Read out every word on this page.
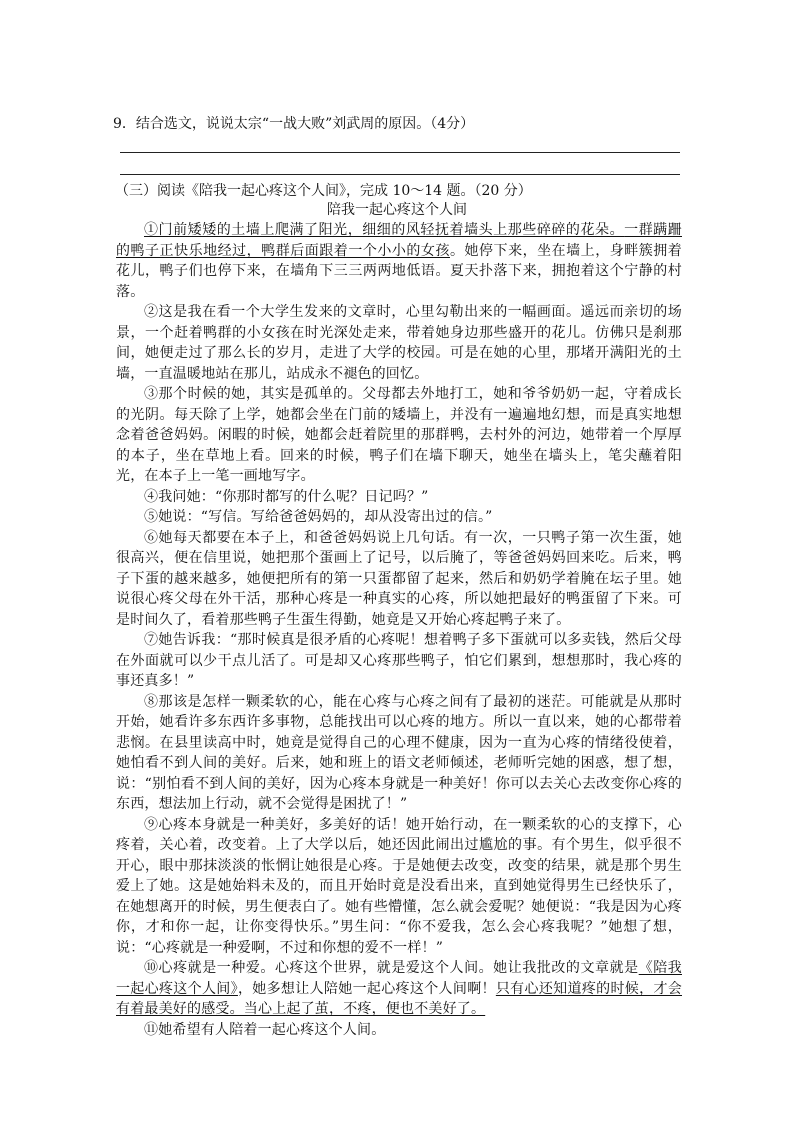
9．结合选文，说说太宗“一战大败”刘武周的原因。（4分）
（三）阅读《陪我一起心疼这个人间》，完成 10～14 题。（20 分）
陪我一起心疼这个人间

①门前矮矮的土墙上爬满了阳光，细细的风轻抚着墙头上那些碎碎的花朵。一群蹒跚的鸭子正快乐地经过，鸭群后面跟着一个小小的女孩。她停下来，坐在墙上，身畔簇拥着花儿，鸭子们也停下来，在墙角下三三两两地低语。夏天扑落下来，拥抱着这个宁静的村落。

②这是我在看一个大学生发来的文章时，心里勾勒出来的一幅画面。遥远而亲切的场景，一个赶着鸭群的小女孩在时光深处走来，带着她身边那些盛开的花儿。仿佛只是刹那间，她便走过了那么长的岁月，走进了大学的校园。可是在她的心里，那堵开满阳光的土墙，一直温暖地站在那儿，站成永不褪色的回忆。

③那个时候的她，其实是孤单的。父母都去外地打工，她和爷爷奶奶一起，守着成长的光阴。每天除了上学，她都会坐在门前的矮墙上，并没有一遍遍地幻想，而是真实地想念着爸爸妈妈。闲暇的时候，她都会赶着院里的那群鸭，去村外的河边，她带着一个厚厚的本子，坐在草地上看。回来的时候，鸭子们在墙下聊天，她坐在墙头上，笔尖蘸着阳光，在本子上一笔一画地写字。

④我问她：“你那时都写的什么呢？日记吗？”

⑤她说：“写信。写给爸爸妈妈的，却从没寄出过的信。”

⑥她每天都要在本子上，和爸爸妈妈说上几句话。有一次，一只鸭子第一次生蛋，她很高兴，便在信里说，她把那个蛋画上了记号，以后腌了，等爸爸妈妈回来吃。后来，鸭子下蛋的越来越多，她便把所有的第一只蛋都留了起来，然后和奶奶学着腌在坛子里。她说很心疼父母在外干活，那种心疼是一种真实的心疼，所以她把最好的鸭蛋留了下来。可是时间久了，看着那些鸭子生蛋生得勤，她竟是又开始心疼起鸭子来了。

⑦她告诉我：“那时候真是很矛盾的心疼呢！想着鸭子多下蛋就可以多卖钱，然后父母在外面就可以少干点儿活了。可是却又心疼那些鸭子，怕它们累到，想想那时，我心疼的事还真多！”

⑧那该是怎样一颗柔软的心，能在心疼与心疼之间有了最初的迷茫。可能就是从那时开始，她看许多东西许多事物，总能找出可以心疼的地方。所以一直以来，她的心都带着悲悯。在县里读高中时，她竟是觉得自己的心理不健康，因为一直为心疼的情绪役使着，她怕看不到人间的美好。后来，她和班上的语文老师倾述，老师听完她的困惑，想了想，说：“别怕看不到人间的美好，因为心疼本身就是一种美好！你可以去关心去改变你心疼的东西，想法加上行动，就不会觉得是困扰了！”

⑨心疼本身就是一种美好，多美好的话！她开始行动，在一颗柔软的心的支撑下，心疼着，关心着，改变着。上了大学以后，她还因此闹出过尴尬的事。有个男生，似乎很不开心，眼中那抹淡淡的怅惘让她很是心疼。于是她便去改变，改变的结果，就是那个男生爱上了她。这是她始料未及的，而且开始时竟是没看出来，直到她觉得男生已经快乐了，在她想离开的时候，男生便表白了。她有些懵懂，怎么就会爱呢？她便说：“我是因为心疼你，才和你一起，让你变得快乐。”男生问：“你不爱我，怎么会心疼我呢？”她想了想，说：“心疼就是一种爱啊，不过和你想的爱不一样！”

⑩心疼就是一种爱。心疼这个世界，就是爱这个人间。她让我批改的文章就是《陪我一起心疼这个人间》，她多想让人陪她一起心疼这个人间啊！只有心还知道疼的时候，才会有着最美好的感受。当心上起了茧，不疼，便也不美好了。

⑪她希望有人陪着一起心疼这个人间。
